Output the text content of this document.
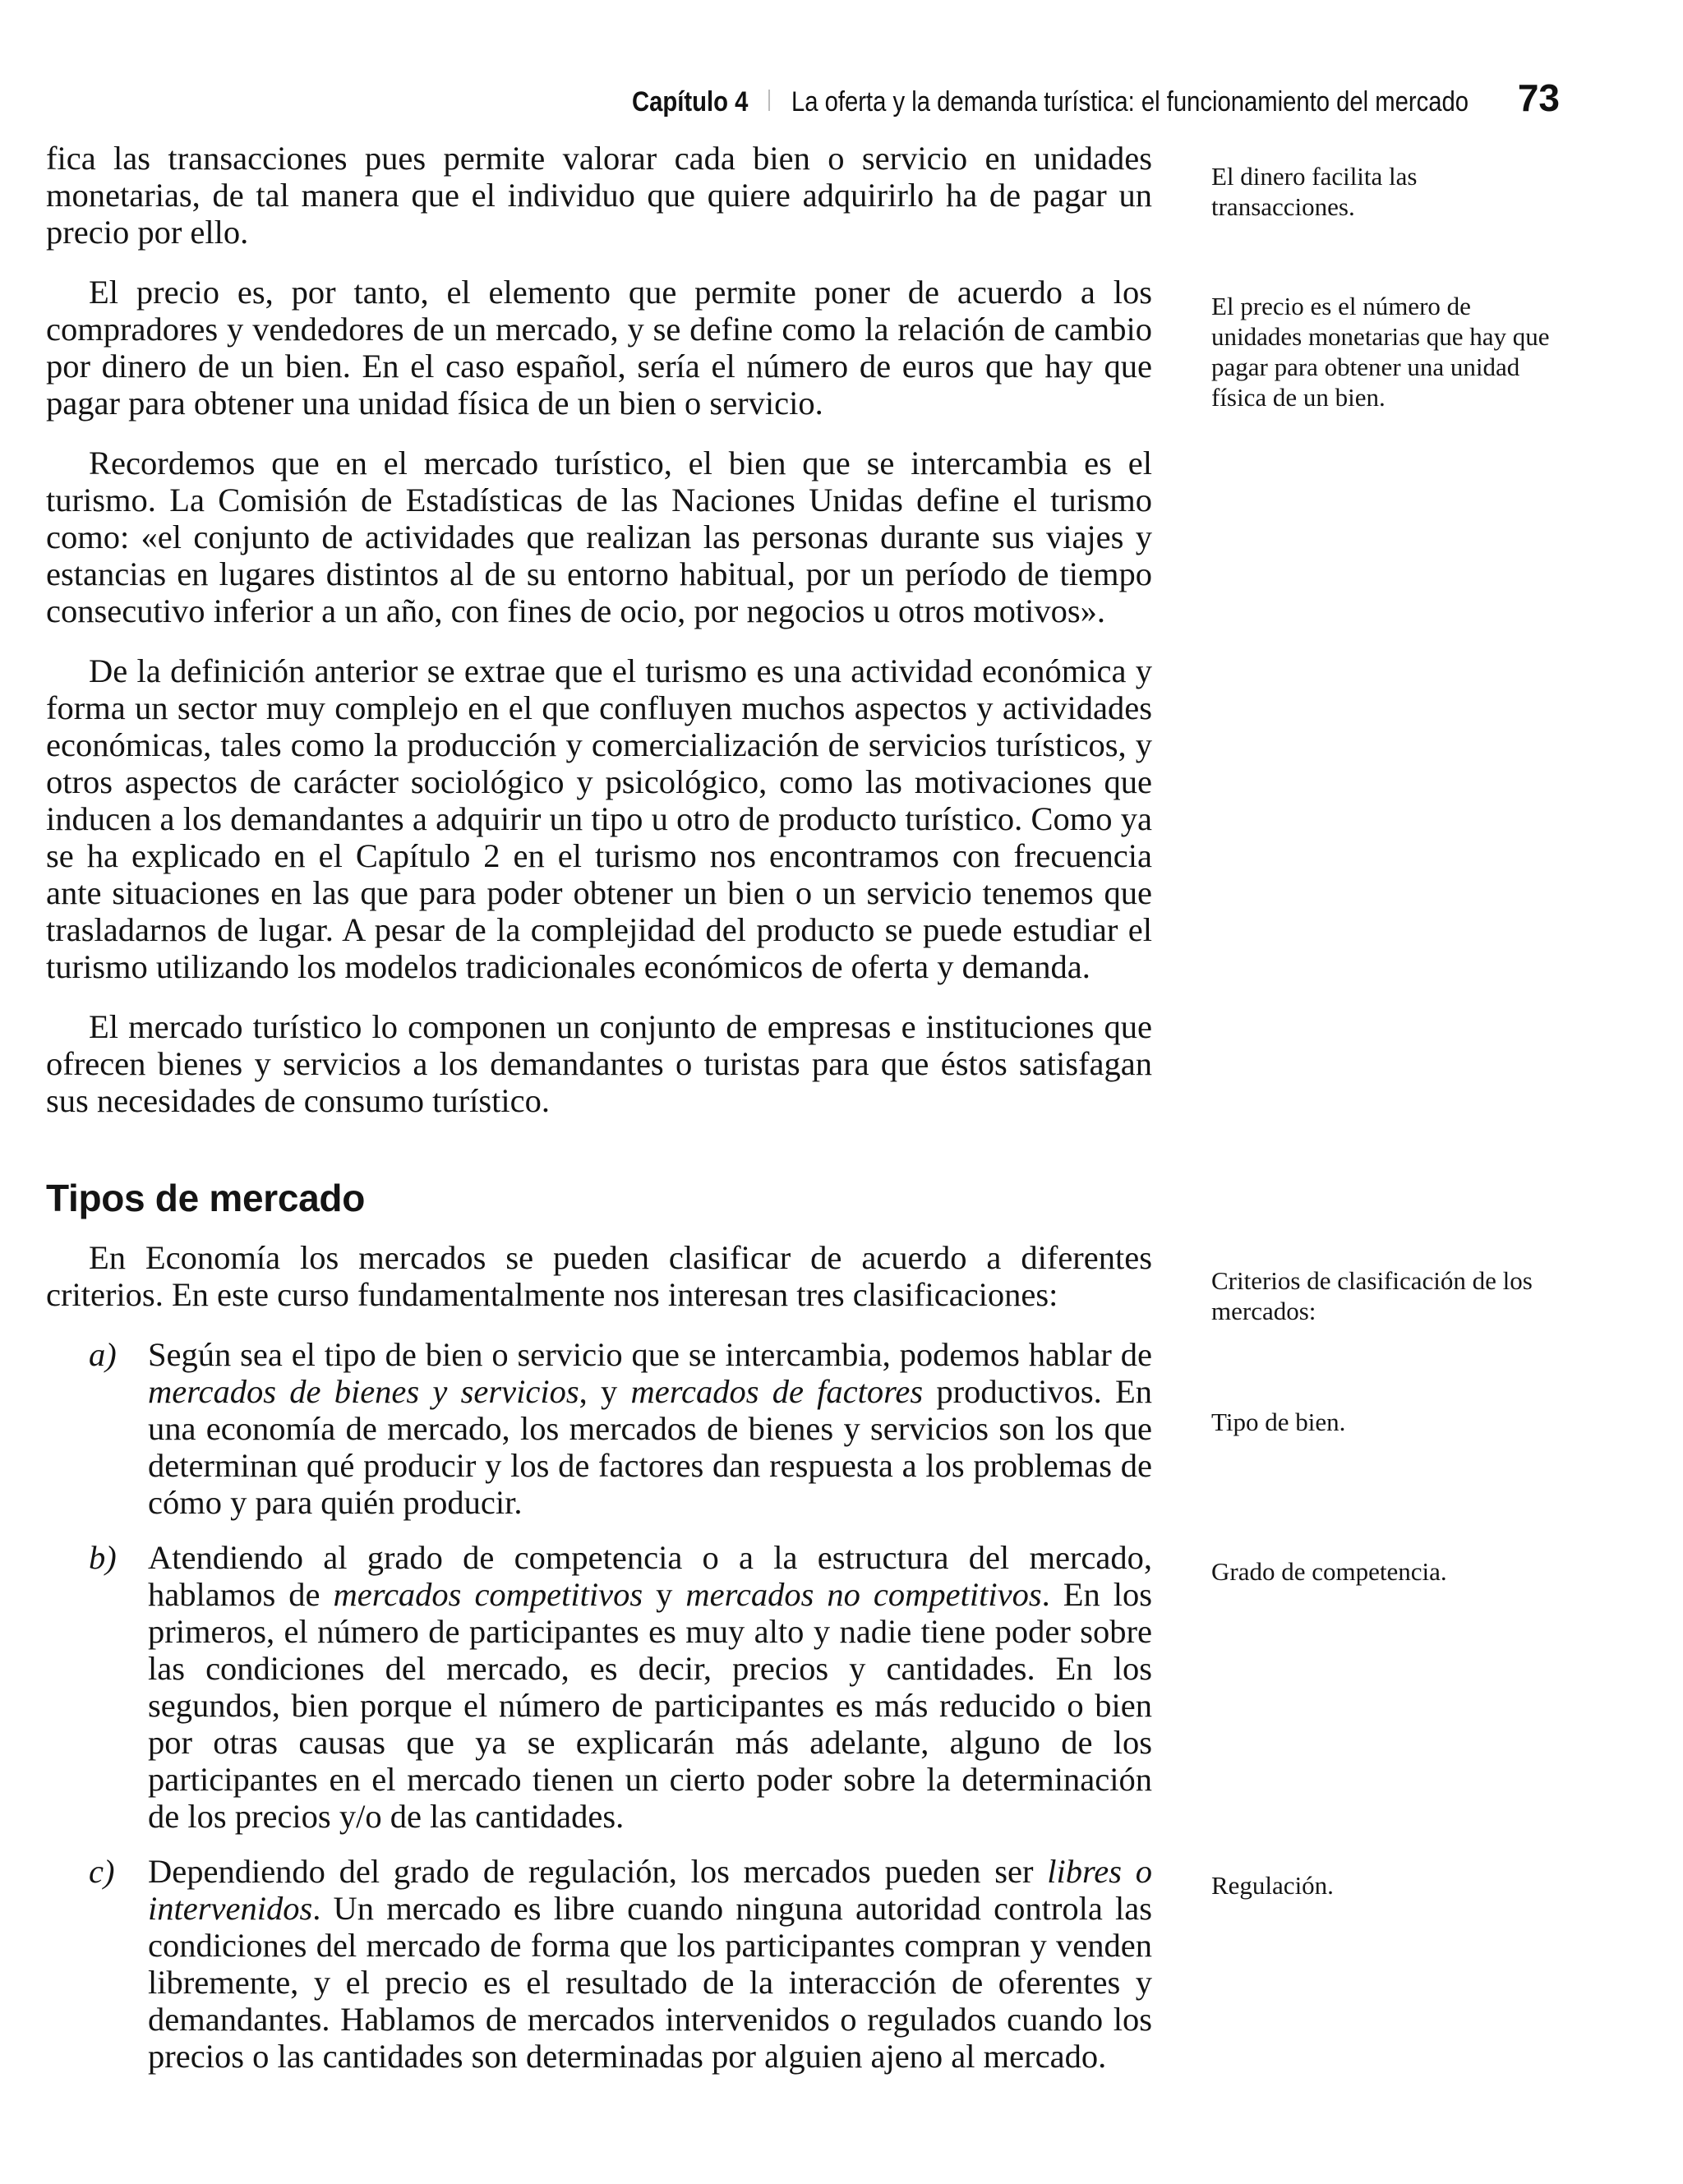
Capítulo 4 La oferta y la demanda turística: el funcionamiento del mercado 73

fica las transacciones pues permite valorar cada bien o servicio en unidades monetarias, de tal manera que el individuo que quiere adquirirlo ha de pagar un precio por ello.

El precio es, por tanto, el elemento que permite poner de acuerdo a los compradores y vendedores de un mercado, y se define como la relación de cambio por dinero de un bien. En el caso español, sería el número de euros que hay que pagar para obtener una unidad física de un bien o servicio.

Recordemos que en el mercado turístico, el bien que se intercambia es el turismo. La Comisión de Estadísticas de las Naciones Unidas define el turismo como: «el conjunto de actividades que realizan las personas durante sus viajes y estancias en lugares distintos al de su entorno habitual, por un período de tiempo consecutivo inferior a un año, con fines de ocio, por negocios u otros motivos».

De la definición anterior se extrae que el turismo es una actividad económica y forma un sector muy complejo en el que confluyen muchos aspectos y actividades económicas, tales como la producción y comercialización de servicios turísticos, y otros aspectos de carácter sociológico y psicológico, como las motivaciones que inducen a los demandantes a adquirir un tipo u otro de producto turístico. Como ya se ha explicado en el Capítulo 2 en el turismo nos encontramos con frecuencia ante situaciones en las que para poder obtener un bien o un servicio tenemos que trasladarnos de lugar. A pesar de la complejidad del producto se puede estudiar el turismo utilizando los modelos tradicionales económicos de oferta y demanda.

El mercado turístico lo componen un conjunto de empresas e instituciones que ofrecen bienes y servicios a los demandantes o turistas para que éstos satisfagan sus necesidades de consumo turístico.

Tipos de mercado

En Economía los mercados se pueden clasificar de acuerdo a diferentes criterios. En este curso fundamentalmente nos interesan tres clasificaciones:

a) Según sea el tipo de bien o servicio que se intercambia, podemos hablar de mercados de bienes y servicios, y mercados de factores productivos. En una economía de mercado, los mercados de bienes y servicios son los que determinan qué producir y los de factores dan respuesta a los problemas de cómo y para quién producir.
b) Atendiendo al grado de competencia o a la estructura del mercado, hablamos de mercados competitivos y mercados no competitivos. En los primeros, el número de participantes es muy alto y nadie tiene poder sobre las condiciones del mercado, es decir, precios y cantidades. En los segundos, bien porque el número de participantes es más reducido o bien por otras causas que ya se explicarán más adelante, alguno de los participantes en el mercado tienen un cierto poder sobre la determinación de los precios y/o de las cantidades.
c) Dependiendo del grado de regulación, los mercados pueden ser libres o intervenidos. Un mercado es libre cuando ninguna autoridad controla las condiciones del mercado de forma que los participantes compran y venden libremente, y el precio es el resultado de la interacción de oferentes y demandantes. Hablamos de mercados intervenidos o regulados cuando los precios o las cantidades son determinadas por alguien ajeno al mercado.
El dinero facilita las transacciones.
El precio es el número de unidades monetarias que hay que pagar para obtener una unidad física de un bien.
Criterios de clasificación de los mercados:
Tipo de bien.
Grado de competencia.
Regulación.
